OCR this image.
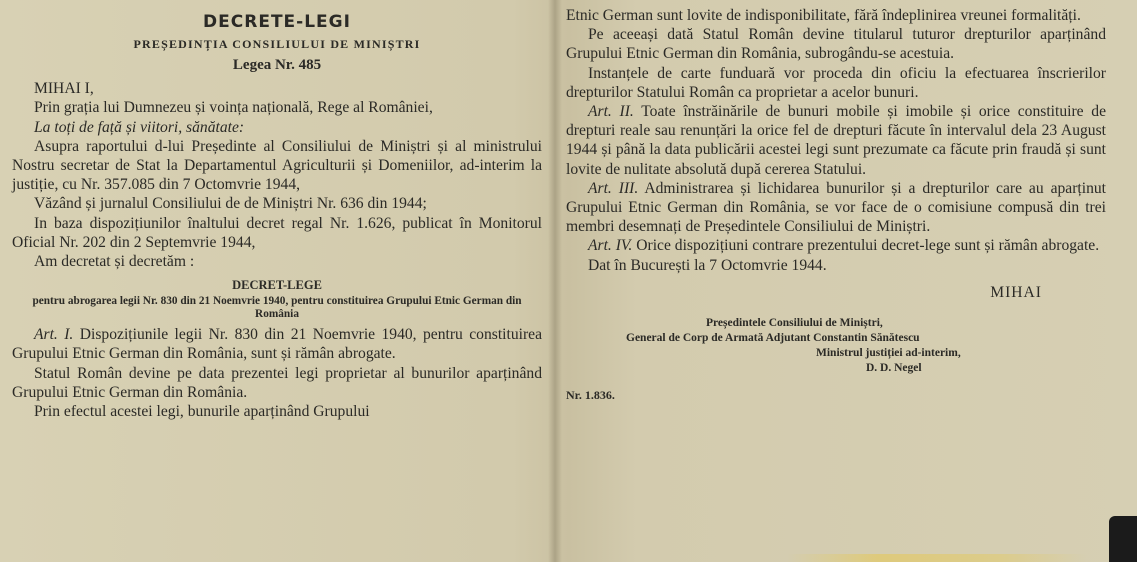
DECRETE-LEGI
PREȘEDINȚIA CONSILIULUI DE MINIȘTRI
Legea Nr. 485

MIHAI I,

Prin grația lui Dumnezeu și voința națională, Rege al României,

La toți de față și viitori, sănătate:

Asupra raportului d-lui Președinte al Consiliului de Miniștri și al ministrului Nostru secretar de Stat la Departamentul Agriculturii și Domeniilor, ad-interim la justiție, cu Nr. 357.085 din 7 Octomvrie 1944,

Văzând și jurnalul Consiliului de de Miniștri Nr. 636 din 1944;

In baza dispozițiunilor înaltului decret regal Nr. 1.626, publicat în Monitorul Oficial Nr. 202 din 2 Septemvrie 1944,

Am decretat și decretăm :

DECRET-LEGE
pentru abrogarea legii Nr. 830 din 21 Noemvrie 1940, pentru constituirea Grupului Etnic German din România

Art. I. Dispozițiunile legii Nr. 830 din 21 Noemvrie 1940, pentru constituirea Grupului Etnic German din România, sunt și rămân abrogate.

Statul Român devine pe data prezentei legi proprietar al bunurilor aparținând Grupului Etnic German din România.

Prin efectul acestei legi, bunurile aparținând Grupului

Etnic German sunt lovite de indisponibilitate, fără îndeplinirea vreunei formalități.

Pe aceeași dată Statul Român devine titularul tuturor drepturilor aparținând Grupului Etnic German din România, subrogându-se acestuia.

Instanțele de carte funduară vor proceda din oficiu la efectuarea înscrierilor drepturilor Statului Român ca proprietar a acelor bunuri.

Art. II. Toate înstrăinările de bunuri mobile și imobile și orice constituire de drepturi reale sau renunțări la orice fel de drepturi făcute în intervalul dela 23 August 1944 și până la data publicării acestei legi sunt prezumate ca făcute prin fraudă și sunt lovite de nulitate absolută după cererea Statului.

Art. III. Administrarea și lichidarea bunurilor și a drepturilor care au aparținut Grupului Etnic German din România, se vor face de o comisiune compusă din trei membri desemnați de Președintele Consiliului de Miniștri.

Art. IV. Orice dispozițiuni contrare prezentului decret-lege sunt și rămân abrogate.

Dat în București la 7 Octomvrie 1944.

MIHAI
Președintele Consiliului de Miniștri,
General de Corp de Armată Adjutant Constantin Sănătescu
Ministrul justiției ad-interim,
D. D. Negel
Nr. 1.836.
